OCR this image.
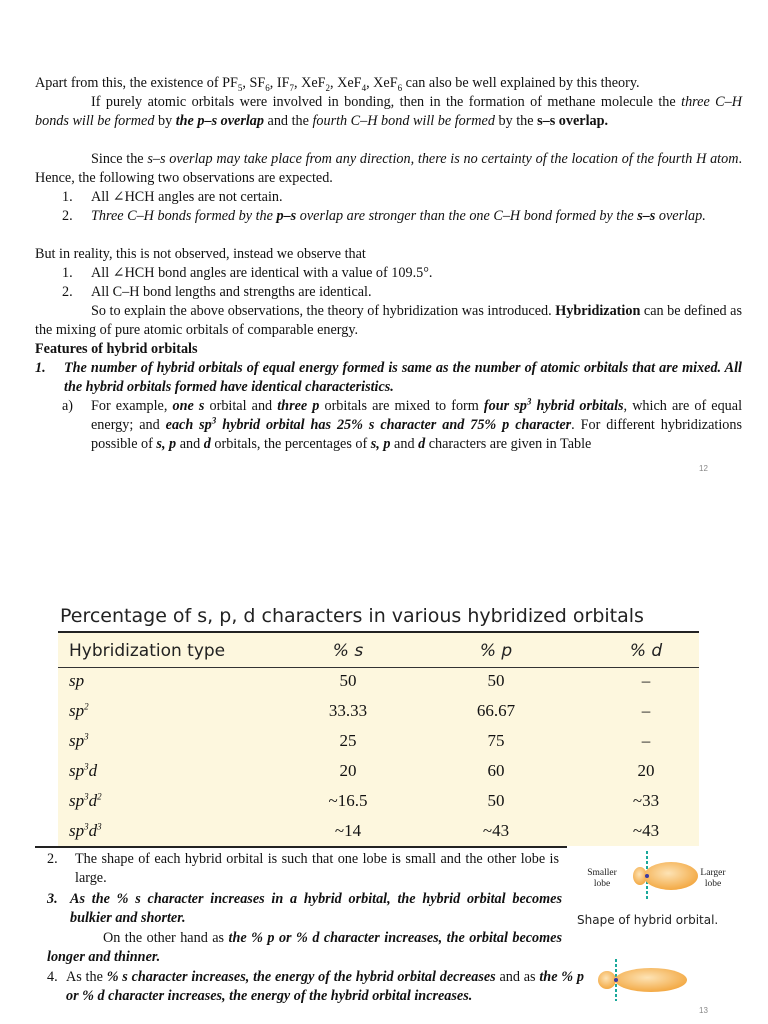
Apart from this, the existence of $PF_5$, $SF_6$, $IF_7$, XeF$_2$, XeF$_4$, XeF$_6$ can also be well explained by this theory.
If purely atomic orbitals were involved in bonding, then in the formation of methane molecule the three C–H bonds will be formed by the p–s overlap and the fourth C–H bond will be formed by the s–s overlap.
Since the s–s overlap may take place from any direction, there is no certainty of the location of the fourth H atom. Hence, the following two observations are expected.
1. All ∠HCH angles are not certain.
2. Three C–H bonds formed by the p–s overlap are stronger than the one C–H bond formed by the s–s overlap.
But in reality, this is not observed, instead we observe that
1. All ∠HCH bond angles are identical with a value of 109.5°.
2. All C–H bond lengths and strengths are identical.
So to explain the above observations, the theory of hybridization was introduced. Hybridization can be defined as the mixing of pure atomic orbitals of comparable energy.
Features of hybrid orbitals
1. The number of hybrid orbitals of equal energy formed is same as the number of atomic orbitals that are mixed. All the hybrid orbitals formed have identical characteristics.
a) For example, one s orbital and three p orbitals are mixed to form four $sp^3$ hybrid orbitals, which are of equal energy; and each $sp^3$ hybrid orbital has 25% s character and 75% p character. For different hybridizations possible of s, p and d orbitals, the percentages of s, p and d characters are given in Table
12
Percentage of s, p, d characters in various hybridized orbitals
Hybridization type	% s	% p	% d
sp	50	50	–
$sp^2$	33.33	66.67	–
$sp^3$	25	75	–
$sp^3d$	20	60	20
$sp^3d^2$	~16.5	50	~33
$sp^3d^3$	~14	~43	~43
2. The shape of each hybrid orbital is such that one lobe is small and the other lobe is large.
3. As the % s character increases in a hybrid orbital, the hybrid orbital becomes bulkier and shorter.
On the other hand as the % p or % d character increases, the orbital becomes longer and thinner.
4. As the % s character increases, the energy of the hybrid orbital decreases and as the % p or % d character increases, the energy of the hybrid orbital increases.
Smaller lobe
Larger lobe
Shape of hybrid orbital.
13
